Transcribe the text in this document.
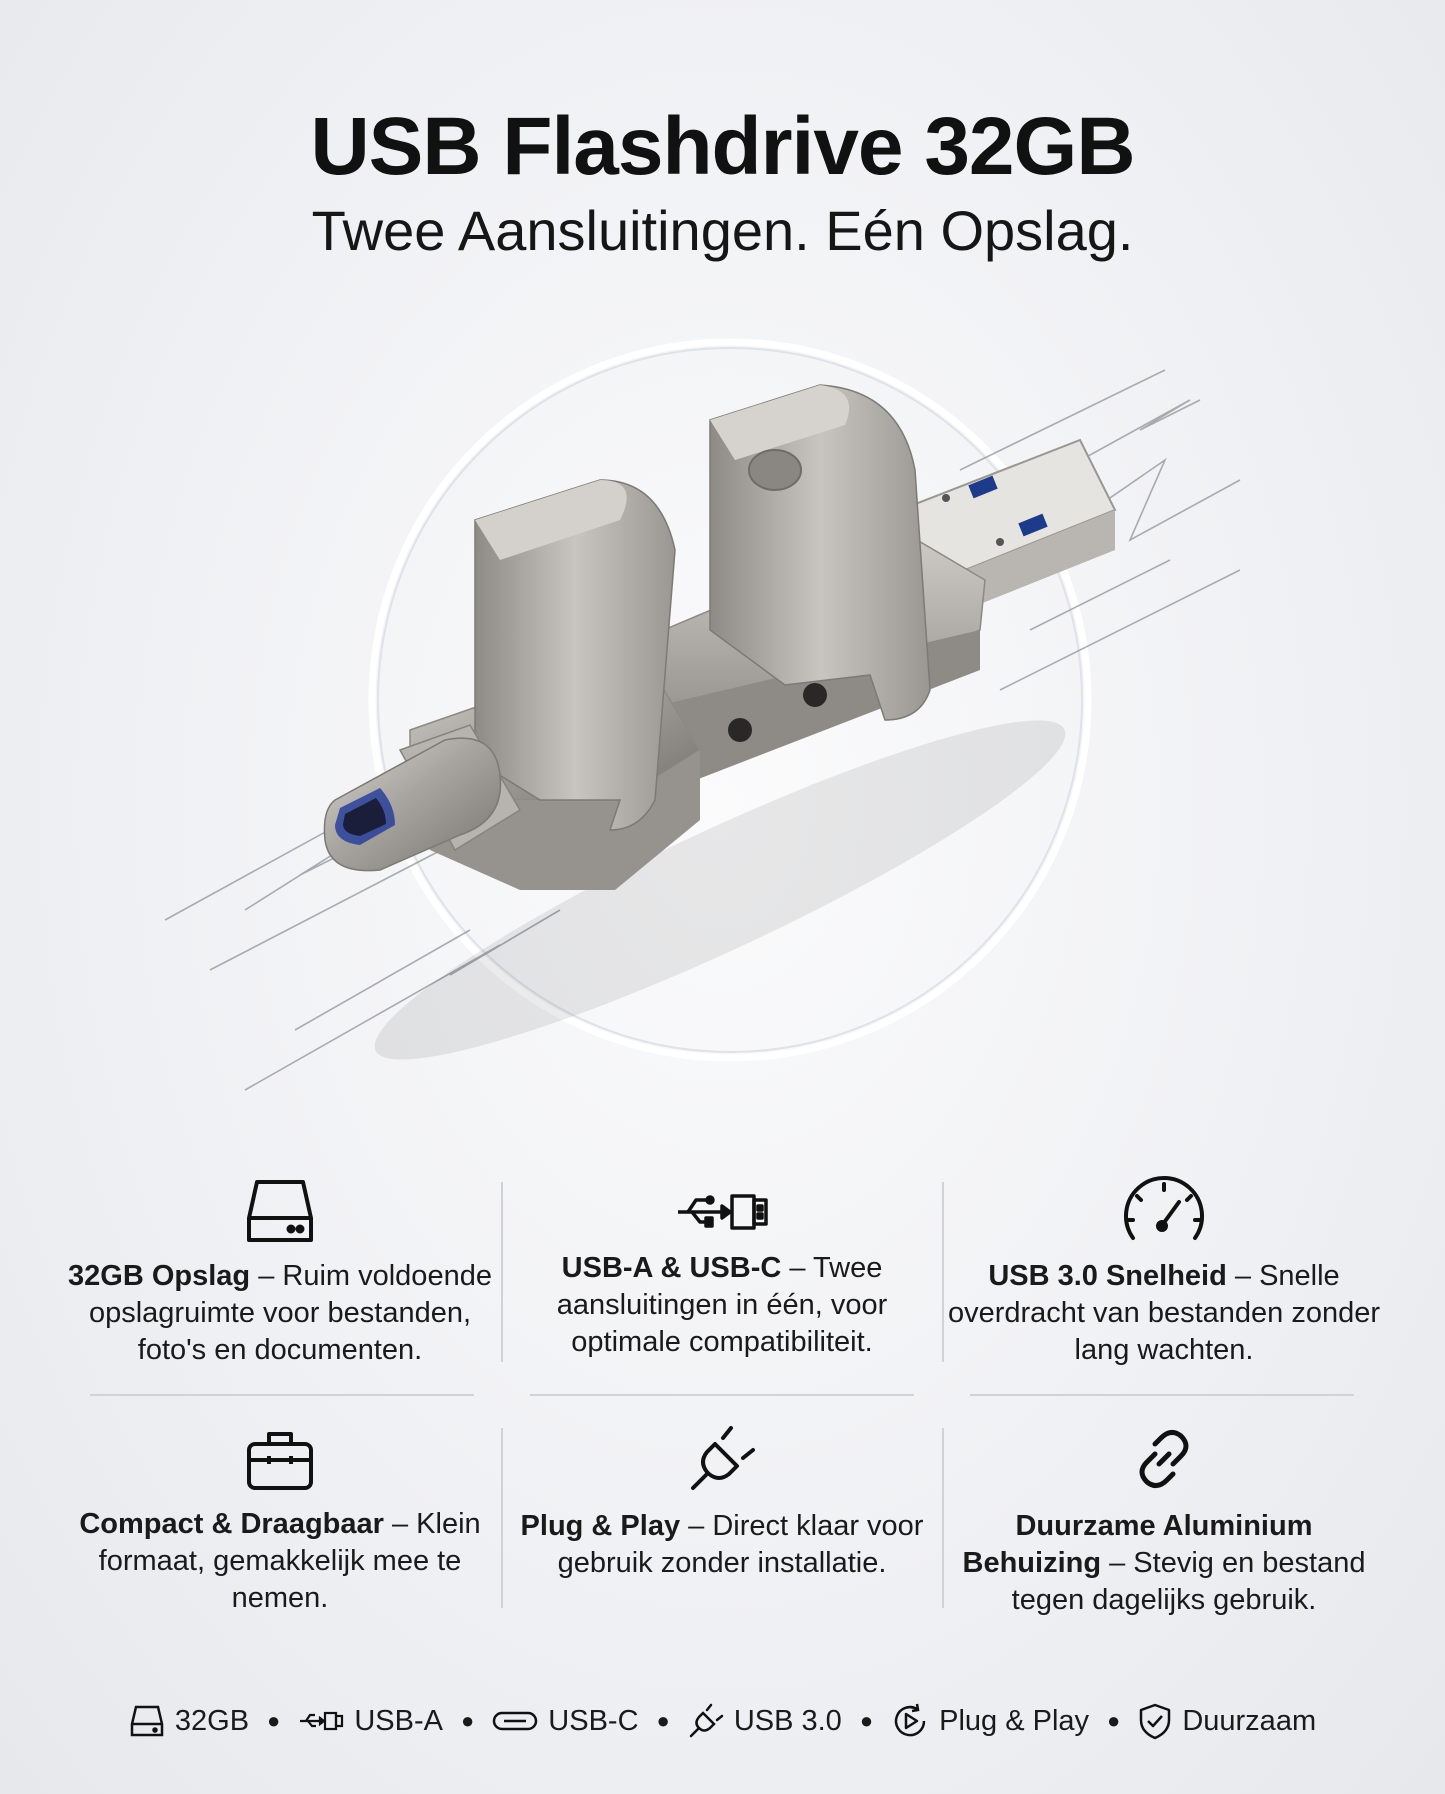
USB Flashdrive 32GB
Twee Aansluitingen. Eén Opslag.

32GB Opslag – Ruim voldoende opslagruimte voor bestanden, foto's en documenten.

USB-A & USB-C – Twee aansluitingen in één, voor optimale compatibiliteit.

USB 3.0 Snelheid – Snelle overdracht van bestanden zonder lang wachten.

Compact & Draagbaar – Klein formaat, gemakkelijk mee te nemen.

Plug & Play – Direct klaar voor gebruik zonder installatie.

Duurzame Aluminium Behuizing – Stevig en bestand tegen dagelijks gebruik.

32GB ●	USB-A ●	USB-C ● USB 3.0 ● Plug & Play ● Duurzaam
